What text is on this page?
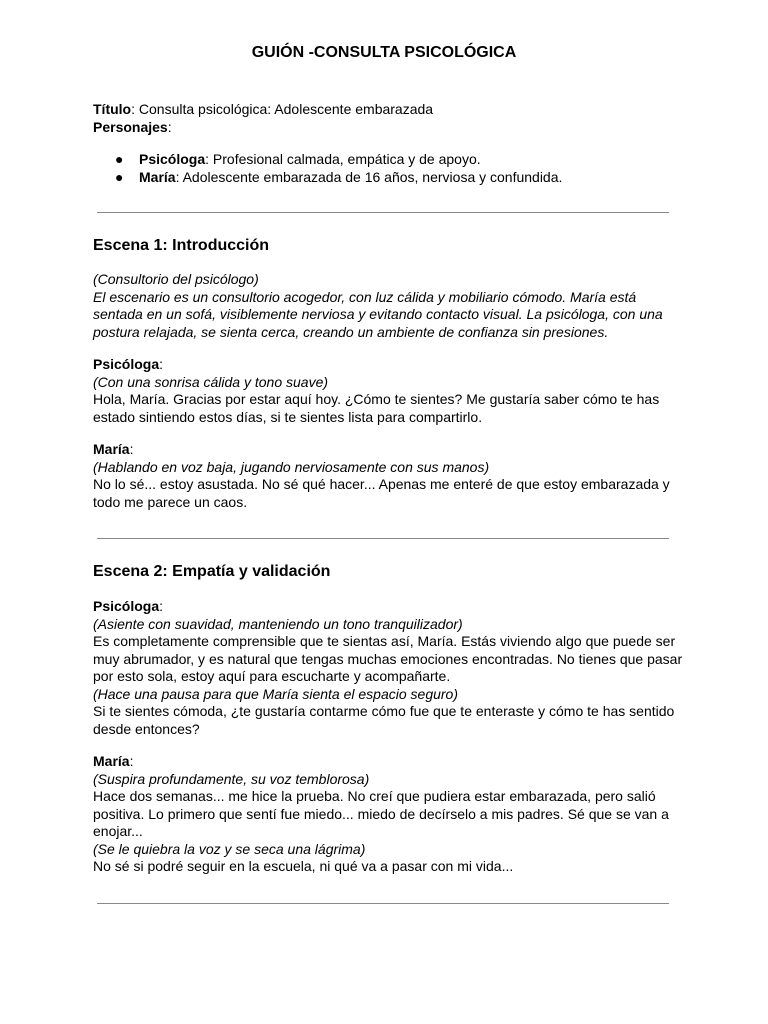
GUIÓN -CONSULTA PSICOLÓGICA

Título: Consulta psicológica: Adolescente embarazada

Personajes:

● Psicóloga: Profesional calmada, empática y de apoyo.
● María: Adolescente embarazada de 16 años, nerviosa y confundida.
Escena 1: Introducción

(Consultorio del psicólogo)

El escenario es un consultorio acogedor, con luz cálida y mobiliario cómodo. María está sentada en un sofá, visiblemente nerviosa y evitando contacto visual. La psicóloga, con una postura relajada, se sienta cerca, creando un ambiente de confianza sin presiones.

Psicóloga:

(Con una sonrisa cálida y tono suave)

Hola, María. Gracias por estar aquí hoy. ¿Cómo te sientes? Me gustaría saber cómo te has estado sintiendo estos días, si te sientes lista para compartirlo.

María:

(Hablando en voz baja, jugando nerviosamente con sus manos)

No lo sé... estoy asustada. No sé qué hacer... Apenas me enteré de que estoy embarazada y todo me parece un caos.

Escena 2: Empatía y validación

Psicóloga:

(Asiente con suavidad, manteniendo un tono tranquilizador)

Es completamente comprensible que te sientas así, María. Estás viviendo algo que puede ser muy abrumador, y es natural que tengas muchas emociones encontradas. No tienes que pasar por esto sola, estoy aquí para escucharte y acompañarte.

(Hace una pausa para que María sienta el espacio seguro)

Si te sientes cómoda, ¿te gustaría contarme cómo fue que te enteraste y cómo te has sentido desde entonces?

María:

(Suspira profundamente, su voz temblorosa)

Hace dos semanas... me hice la prueba. No creí que pudiera estar embarazada, pero salió positiva. Lo primero que sentí fue miedo... miedo de decírselo a mis padres. Sé que se van a enojar...

(Se le quiebra la voz y se seca una lágrima)

No sé si podré seguir en la escuela, ni qué va a pasar con mi vida...
